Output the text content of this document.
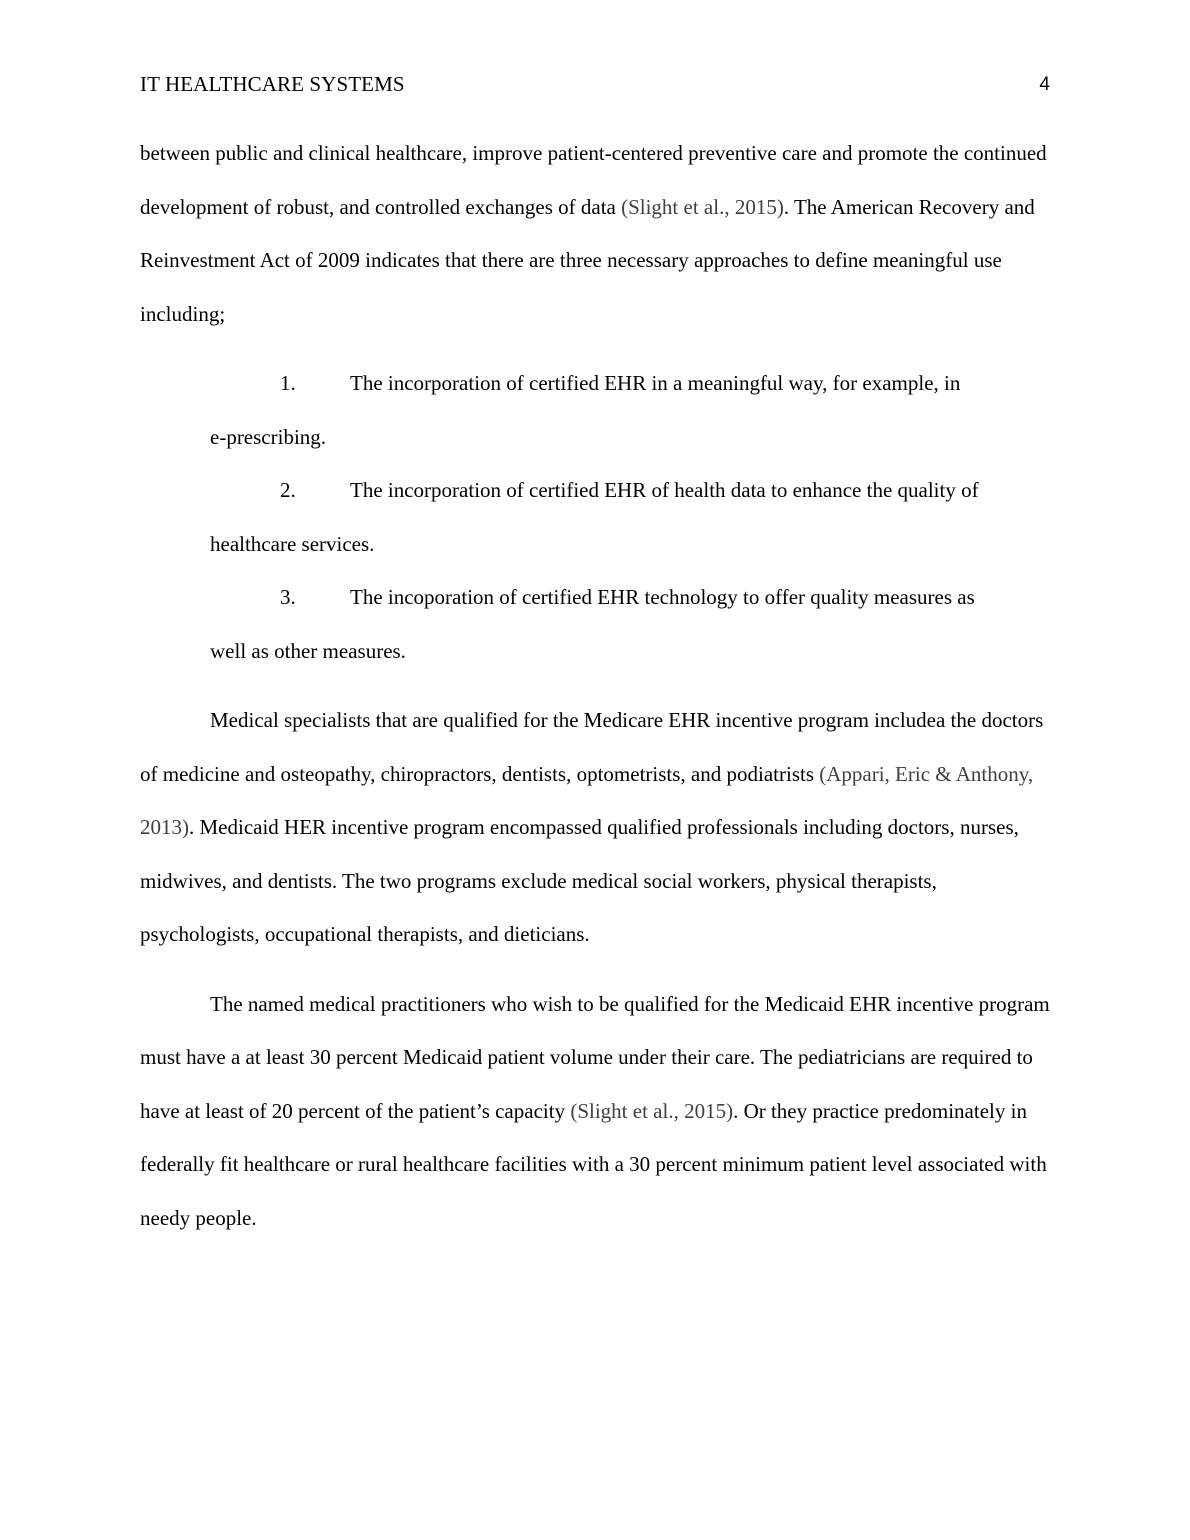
IT HEALTHCARE SYSTEMS	4

between public and clinical healthcare, improve patient-centered preventive care and promote the continued development of robust, and controlled exchanges of data (Slight et al., 2015). The American Recovery and Reinvestment Act of 2009 indicates that there are three necessary approaches to define meaningful use including;

1.	The incorporation of certified EHR in a meaningful way, for example, in
e-prescribing.
2.	The incorporation of certified EHR of health data to enhance the quality of
healthcare services.
3.	The incoporation of certified EHR technology to offer quality measures as
well as other measures.

Medical specialists that are qualified for the Medicare EHR incentive program includea the doctors of medicine and osteopathy, chiropractors, dentists, optometrists, and podiatrists (Appari, Eric & Anthony, 2013). Medicaid HER incentive program encompassed qualified professionals including doctors, nurses, midwives, and dentists. The two programs exclude medical social workers, physical therapists, psychologists, occupational therapists, and dieticians.

The named medical practitioners who wish to be qualified for the Medicaid EHR incentive program must have a at least 30 percent Medicaid patient volume under their care. The pediatricians are required to have at least of 20 percent of the patient’s capacity (Slight et al., 2015). Or they practice predominately in federally fit healthcare or rural healthcare facilities with a 30 percent minimum patient level associated with needy people.
